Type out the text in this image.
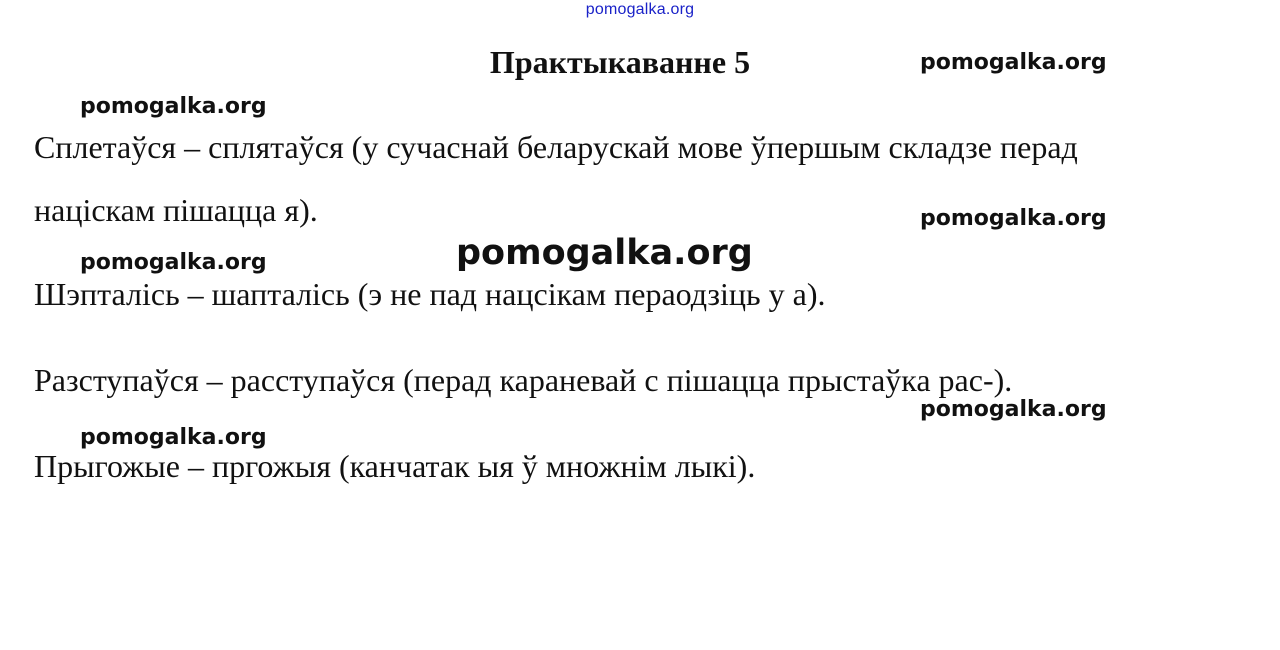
pomogalka.org
Практыкаванне 5	pomogalka.org
pomogalka.org
Сплетаўся – сплятаўся (у сучаснай беларускай мове ўпершым складзе перад
націскам пішацца я).	pomogalka.org
pomogalka.org
pomogalka.org
Шэпталісь – шапталісь (э не пад нацсікам пераодзіць у а).
Разступаўся – расступаўся (перад караневай с пішацца прыстаўка рас-).
pomogalka.org
pomogalka.org
Прыгожые – пргожыя (канчатак ыя ў множнім лыкі).
